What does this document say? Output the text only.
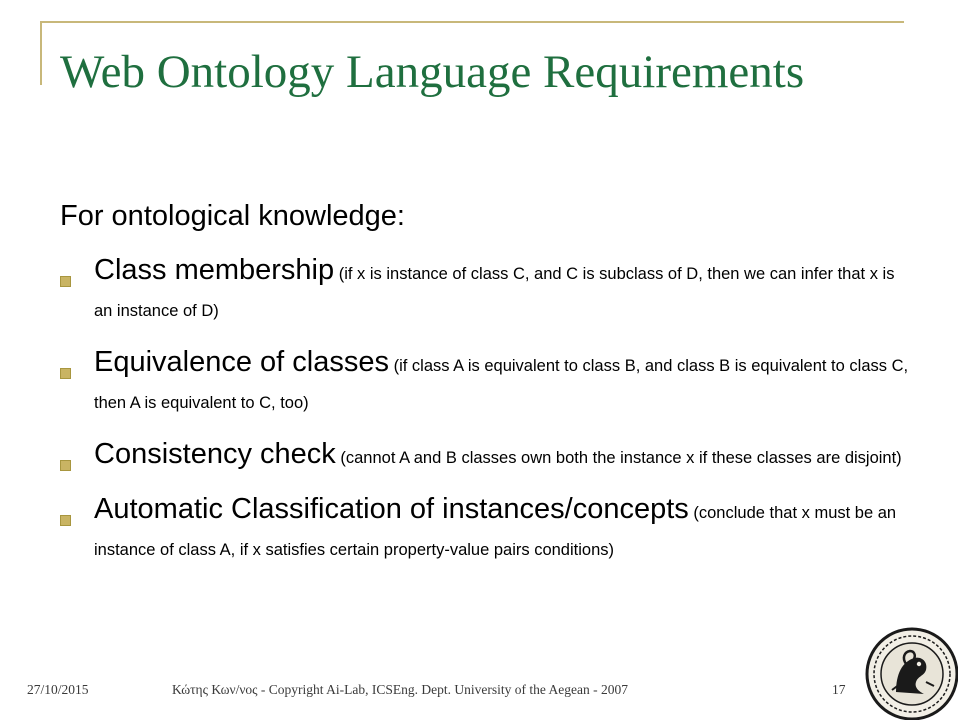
Web Ontology Language Requirements

For ontological knowledge:

Class membership (if x is instance of class C, and C is subclass of D, then we can infer that x is an instance of D)
Equivalence of classes (if class A is equivalent to class B, and class B is equivalent to class C, then A is equivalent to C, too)
Consistency check (cannot A and B classes own both the instance x if these classes are disjoint)
Automatic Classification of instances/concepts (conclude that x must be an instance of class A, if x satisfies certain property-value pairs conditions)
27/10/2015	Κώτης Κων/νος - Copyright Ai-Lab, ICSEng. Dept. University of the Aegean - 2007	17
